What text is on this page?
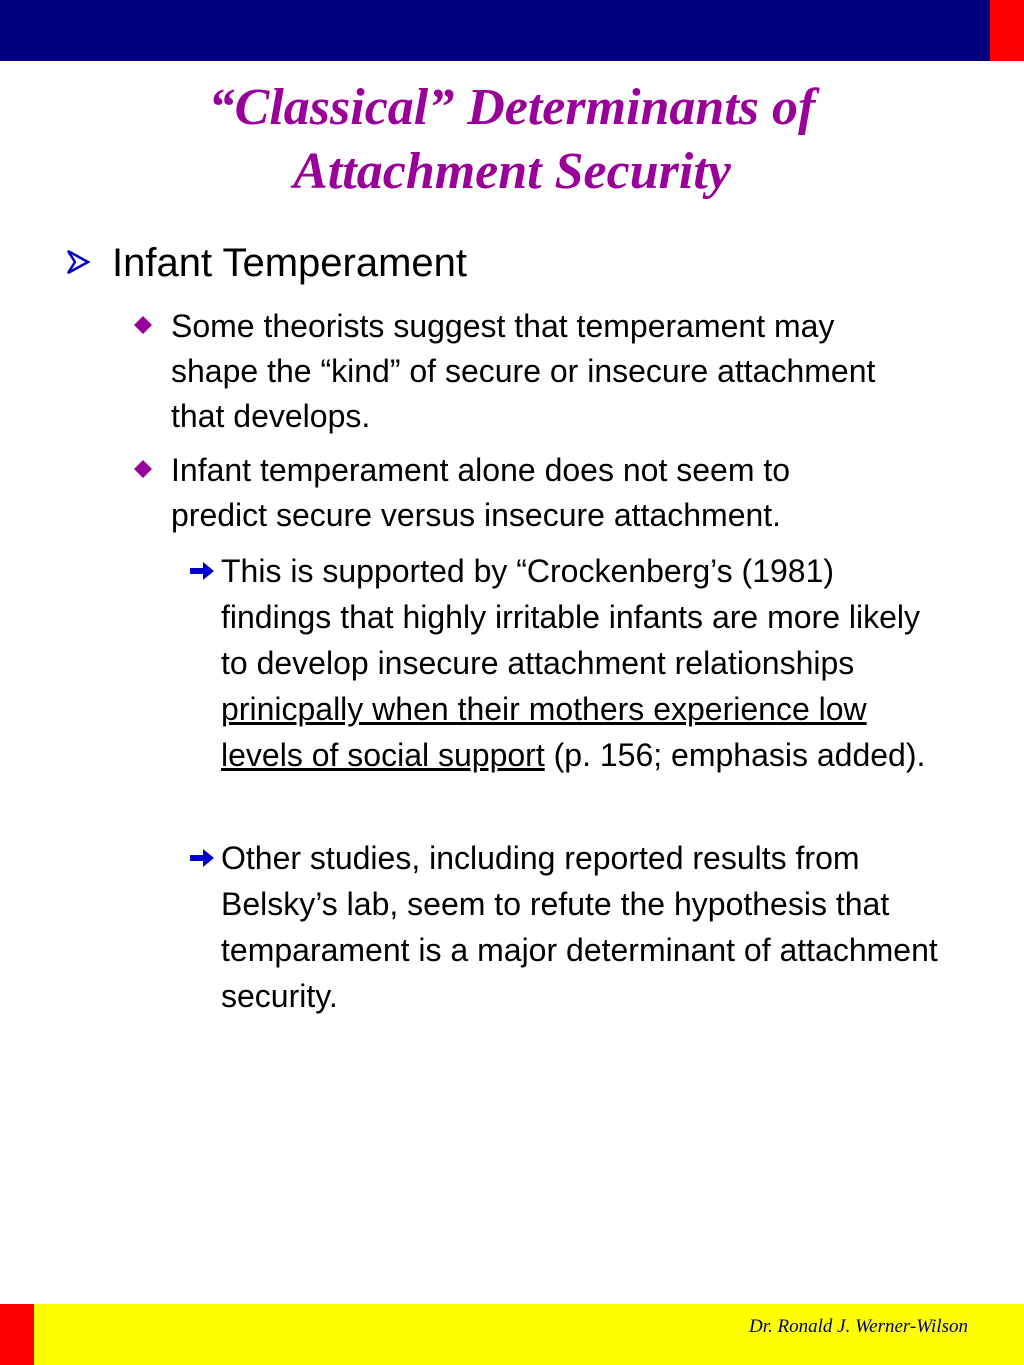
“Classical” Determinants of
Attachment Security
Infant Temperament
Some theorists suggest that temperament may shape the “kind” of secure or insecure attachment that develops.
Infant temperament alone does not seem to predict secure versus insecure attachment.
This is supported by “Crockenberg’s (1981) findings that highly irritable infants are more likely to develop insecure attachment relationships prinicpally when their mothers experience low levels of social support (p. 156; emphasis added).
Other studies, including reported results from Belsky’s lab, seem to refute the hypothesis that temparament is a major determinant of attachment security.
Dr. Ronald J. Werner-Wilson
